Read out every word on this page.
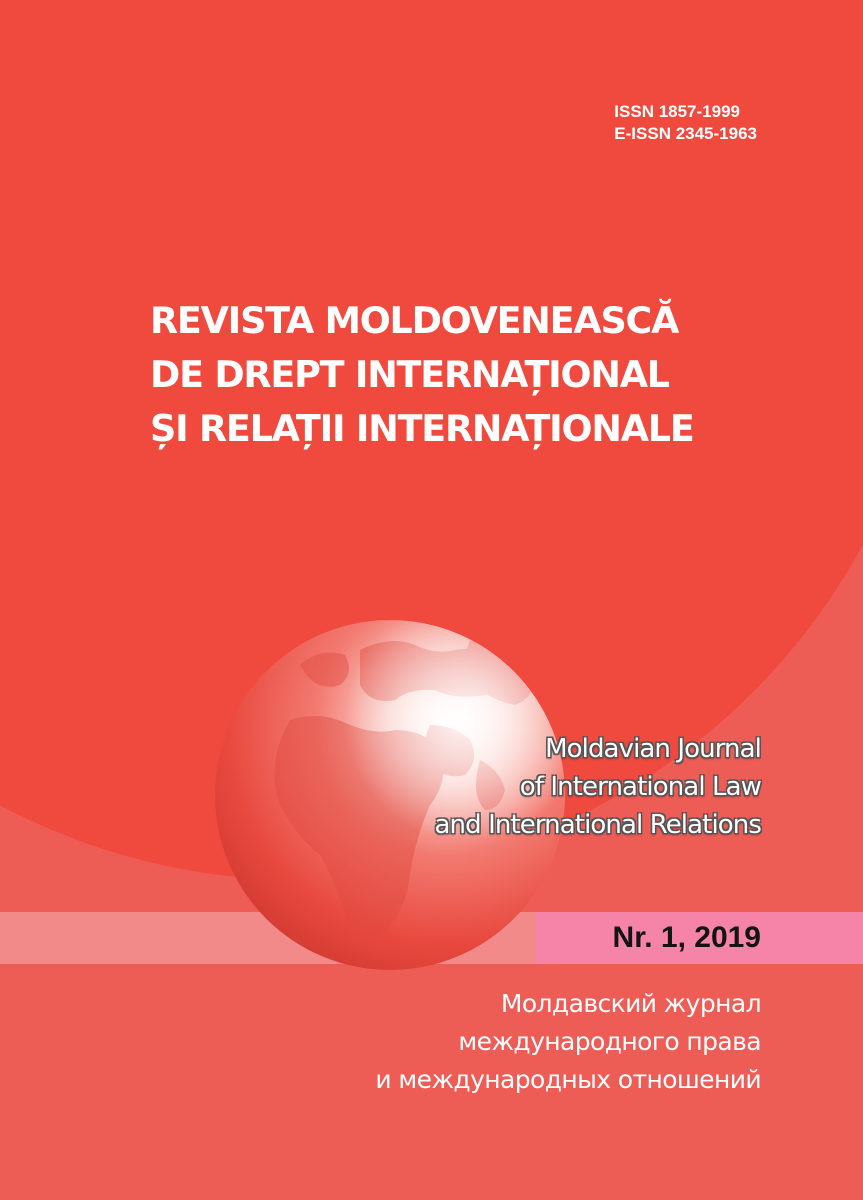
ISSN 1857-1999
E-ISSN 2345-1963
REVISTA MOLDOVENEASCĂ
DE DREPT INTERNAȚIONAL
ȘI RELAȚII INTERNAȚIONALE
Moldavian Journal
of International Law
and International Relations
Nr. 1, 2019
Молдавский журнал
международного права
и международных отношений
